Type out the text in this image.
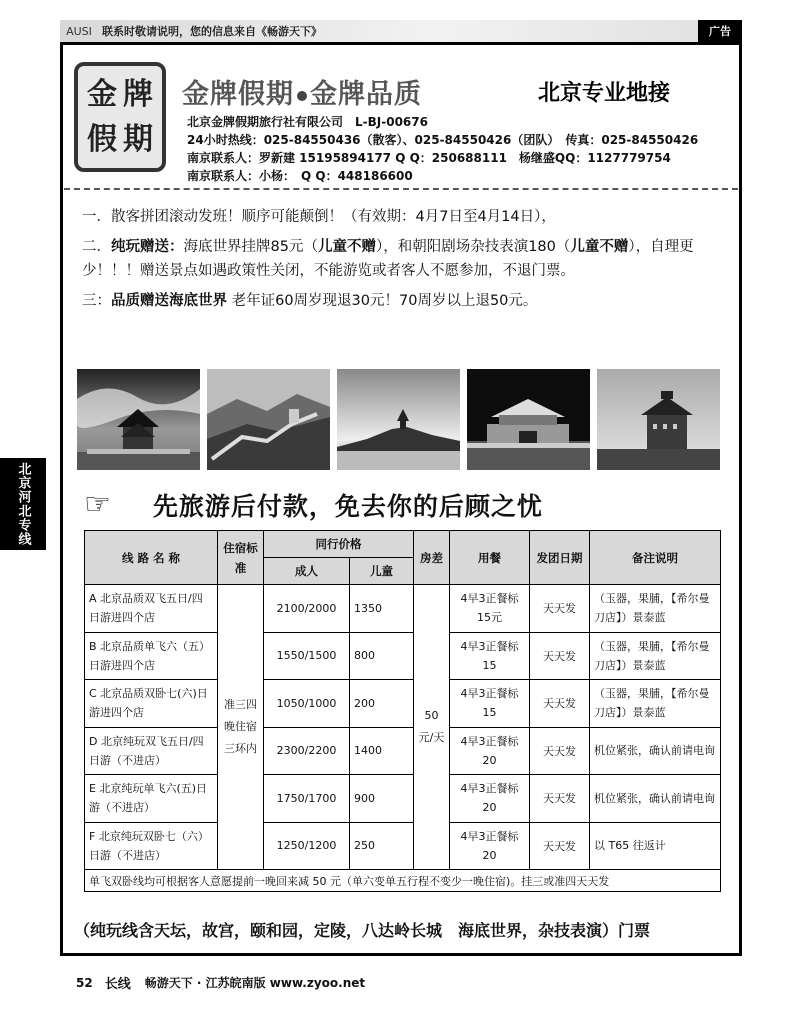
AUSI 联系时敬请说明，您的信息来自《畅游天下》	广告
北京河北专线
金 牌
假 期
金牌假期 金牌品质	北京专业地接
北京金牌假期旅行社有限公司　L-BJ-00676
24小时热线：025-84550436（散客）、025-84550426（团队）　传真：025-84550426
南京联系人：罗新建 15195894177 Q Q：250688111　杨继盛QQ：1127779754
南京联系人：小杨：　Q Q：448186600

一．散客拼团滚动发班！顺序可能颠倒！（有效期：4月7日至4月14日），

二．纯玩赠送：海底世界挂牌85元（儿童不赠），和朝阳剧场杂技表演180（儿童不赠），自理更少！！！赠送景点如遇政策性关闭，不能游览或者客人不愿参加，不退门票。

三：品质赠送海底世界 老年证60周岁现退30元！70周岁以上退50元。

☞ 先旅游后付款，免去你的后顾之忧
线 路 名 称	住宿标准	同行价格		房差	用餐	发团日期	备注说明
		成人	儿童				
A 北京品质双飞五日/四日游进四个店	准三四晚住宿三环内	2100/2000	1350	50元/天	4早3正餐标15元	天天发	（玉器，果脯，【希尔曼刀店】）景泰蓝
B 北京品质单飞六（五）日游进四个店		1550/1500	800		4早3正餐标15	天天发	（玉器，果脯，【希尔曼刀店】）景泰蓝
C 北京品质双卧七(六)日游进四个店		1050/1000	200		4早3正餐标15	天天发	（玉器，果脯，【希尔曼刀店】）景泰蓝
D 北京纯玩双飞五日/四日游（不进店）		2300/2200	1400		4早3正餐标20	天天发	机位紧张，确认前请电询
E 北京纯玩单飞六(五)日游（不进店）		1750/1700	900		4早3正餐标20	天天发	机位紧张，确认前请电询
F 北京纯玩双卧七（六）日游（不进店）		1250/1200	250		4早3正餐标20	天天发	以 T65 往返计
单飞双卧线均可根据客人意愿提前一晚回来减 50 元（单六变单五行程不变少一晚住宿)。挂三或准四天天发							
（纯玩线含天坛，故宫，颐和园，定陵，八达岭长城　海底世界，杂技表演）门票
52 长线 畅游天下 · 江苏皖南版 www.zyoo.net
